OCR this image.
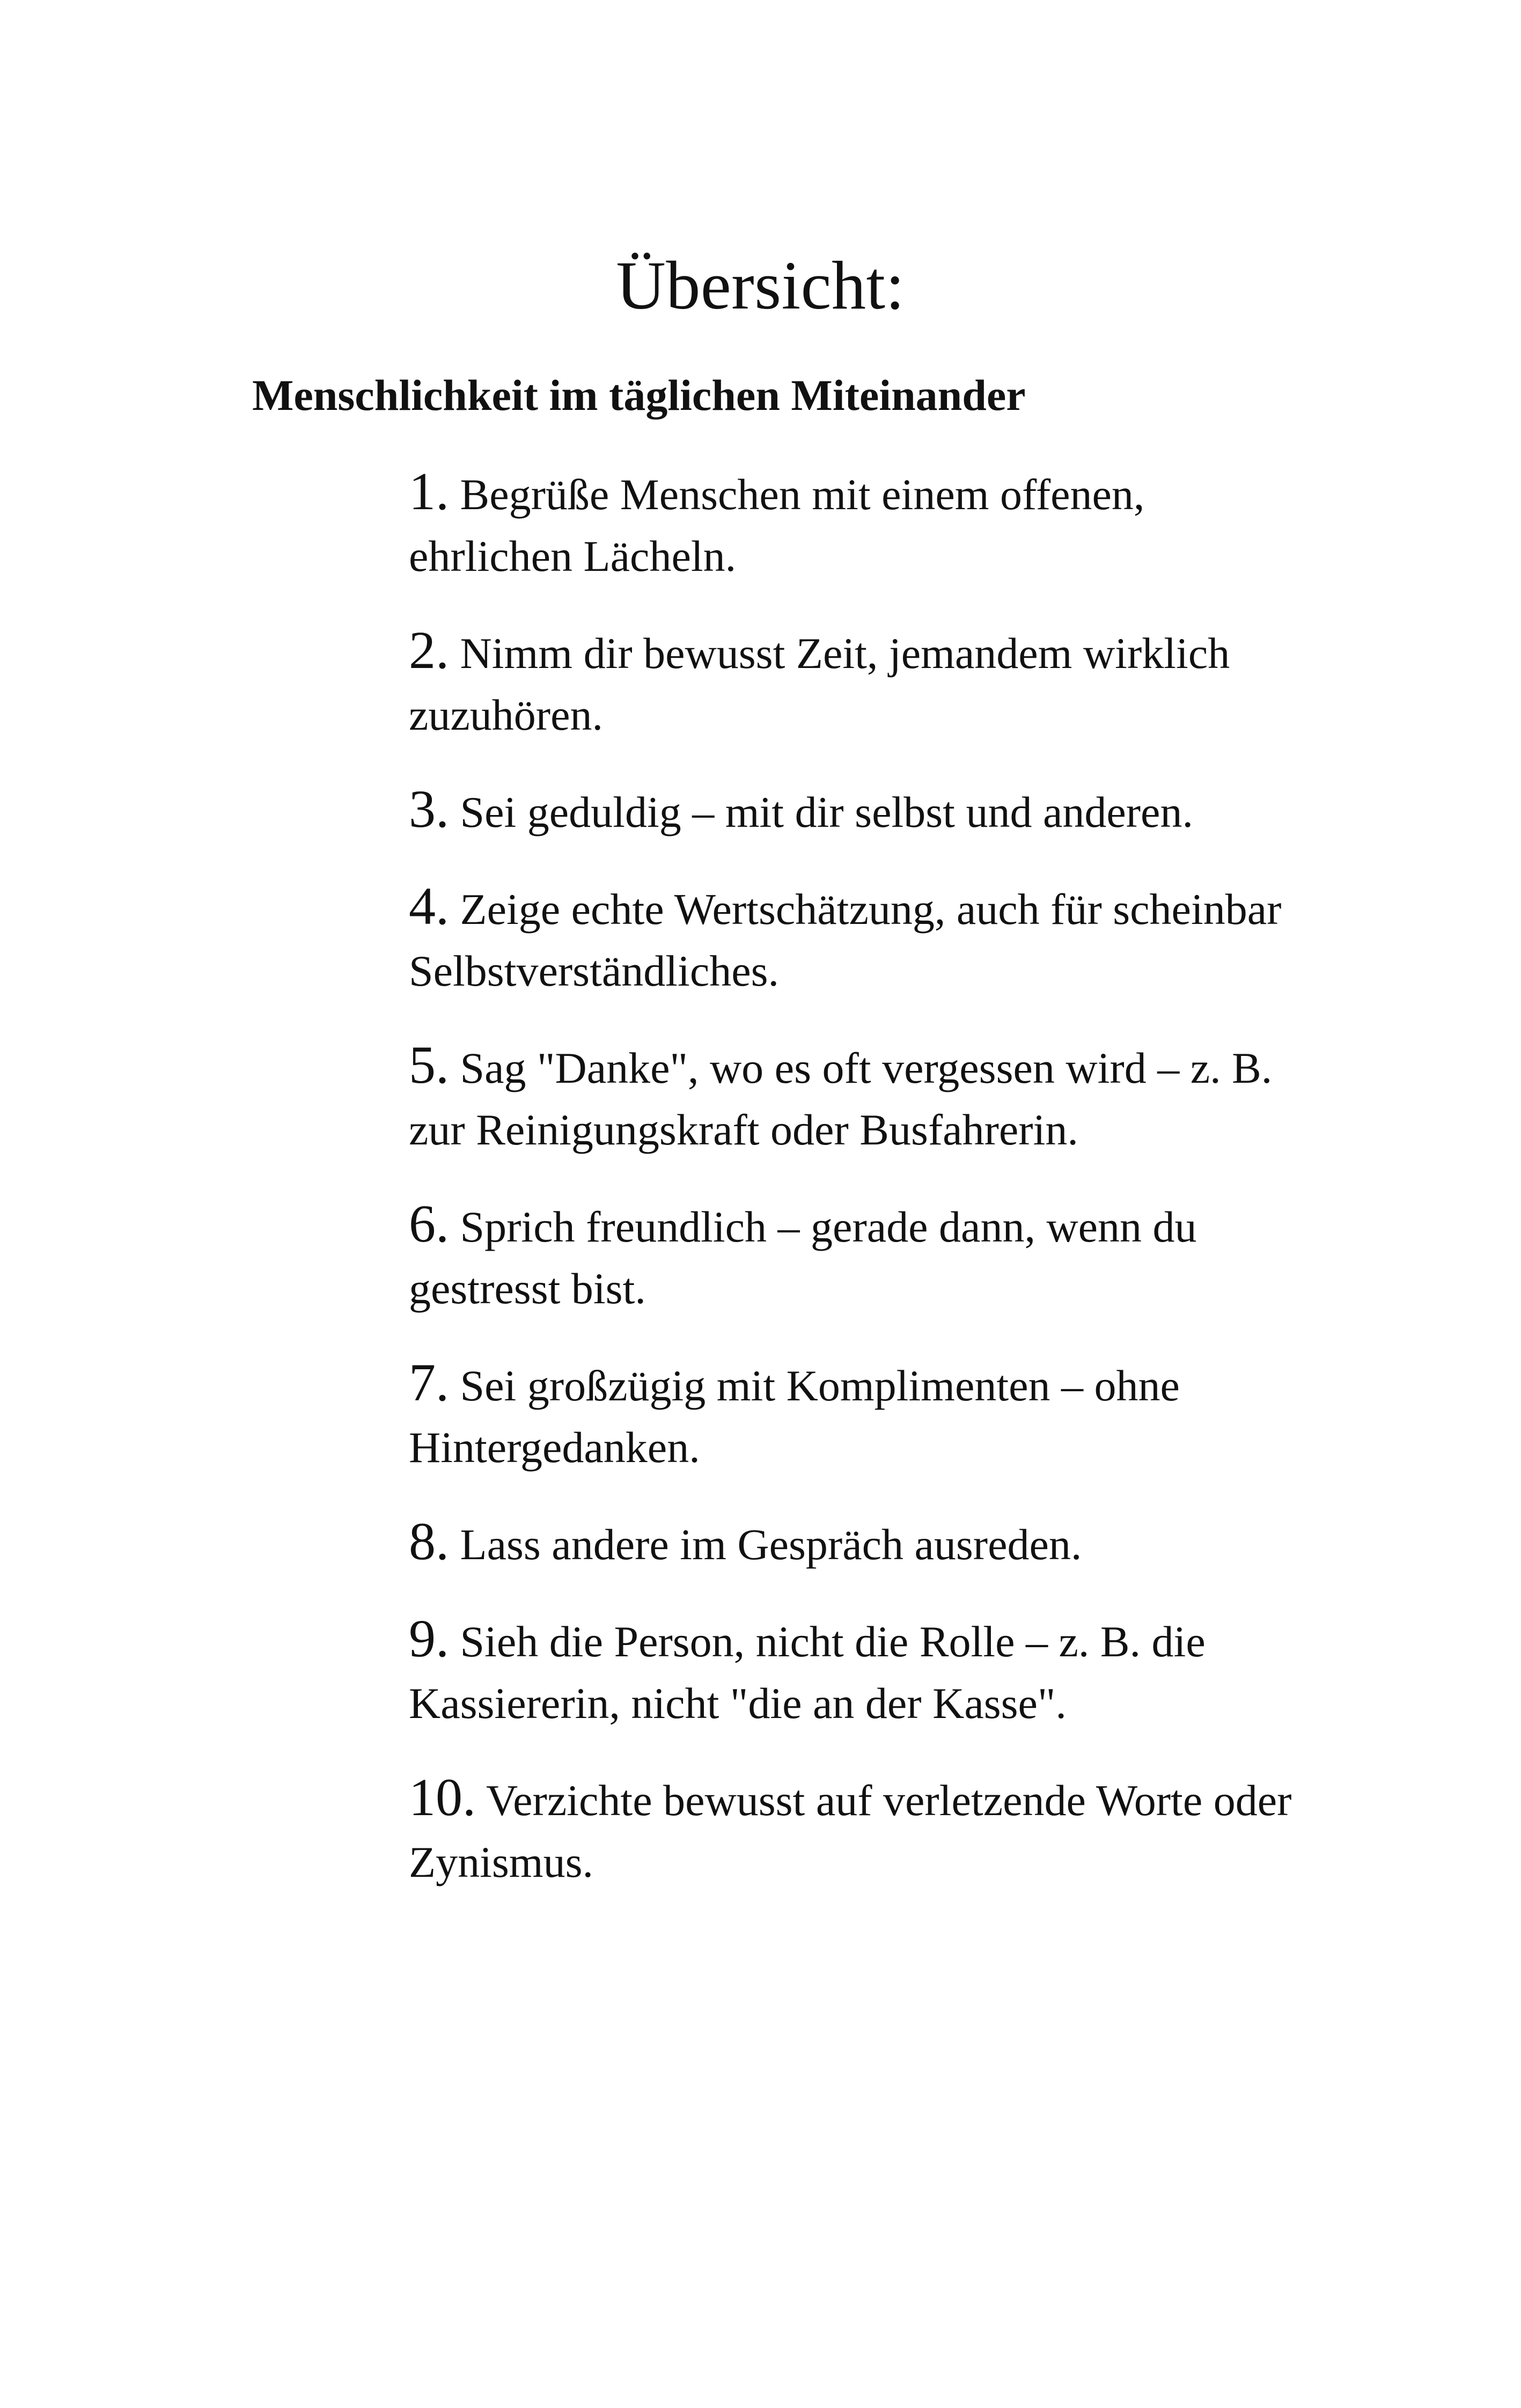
Übersicht:
Menschlichkeit im täglichen Miteinander
1. Begrüße Menschen mit einem offenen, ehrlichen Lächeln.
2. Nimm dir bewusst Zeit, jemandem wirklich zuzuhören.
3. Sei geduldig – mit dir selbst und anderen.
4. Zeige echte Wertschätzung, auch für scheinbar Selbstverständliches.
5. Sag "Danke", wo es oft vergessen wird – z. B. zur Reinigungskraft oder Busfahrerin.
6. Sprich freundlich – gerade dann, wenn du gestresst bist.
7. Sei großzügig mit Komplimenten – ohne Hintergedanken.
8. Lass andere im Gespräch ausreden.
9. Sieh die Person, nicht die Rolle – z. B. die Kassiererin, nicht "die an der Kasse".
10. Verzichte bewusst auf verletzende Worte oder Zynismus.
